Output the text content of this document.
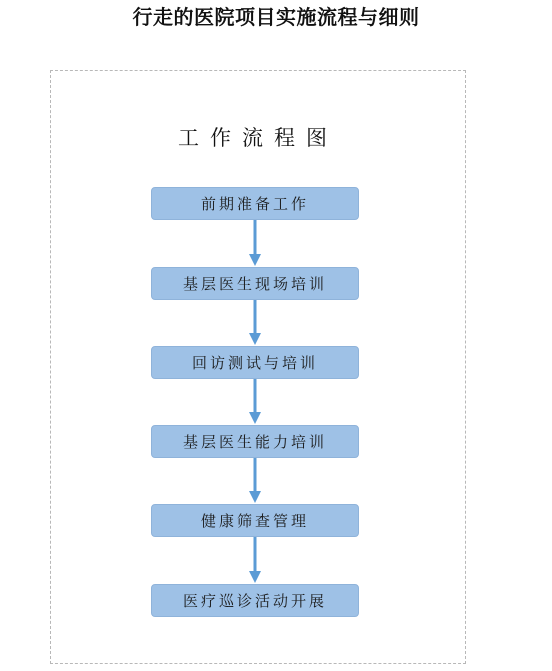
行走的医院项目实施流程与细则
工作流程图
前期准备工作
基层医生现场培训
回访测试与培训
基层医生能力培训
健康筛查管理
医疗巡诊活动开展
